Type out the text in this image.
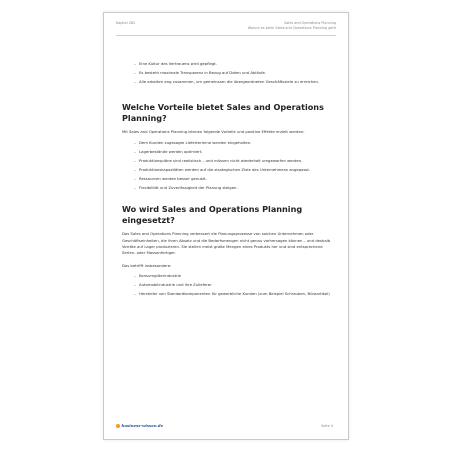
Kapitel 2B2	Sales and Operations Planning
Warum es beim Sales and Operations Planning geht
– Eine Kultur des Vertrauens wird gepflegt.
– Es besteht maximale Transparenz in Bezug auf Daten und Abläufe.
– Alle arbeiten eng zusammen, um gemeinsam die übergeordneten Geschäftsziele zu erreichen.
Welche Vorteile bietet Sales and Operations Planning?

Mit Sales and Operations Planning können folgende Vorteile und positive Effekte erzielt werden:

– Dem Kunden zugesagte Liefertermine werden eingehalten.
– Lagerbestände werden optimiert.
– Produktionspläne sind realistisch – und müssen nicht wiederholt umgeworfen werden.
– Produktionskapazitäten werden auf die strategischen Ziele des Unternehmens angepasst.
– Ressourcen werden besser genutzt.
– Flexibilität und Zuverlässigkeit der Planung steigen.
Wo wird Sales and Operations Planning eingesetzt?

Das Sales and Operations Planning verbessert die Planungsprozesse von solchen Unternehmen oder Geschäftseinheiten, die ihren Absatz und die Bedarfsmengen nicht genau vorhersagen können – und deshalb Vorräte auf Lager produzieren. Sie stellen meist große Mengen eines Produkts her und sind entsprechend Serien- oder Massenfertiger.

Das betrifft insbesondere:

– Konsumgüterindustrie
– Automobilindustrie und ihre Zulieferer
– Hersteller von Standardkomponenten für gewerbliche Kunden (zum Beispiel Schrauben, Büroartikel)
business-wissen.de	Seite 4
